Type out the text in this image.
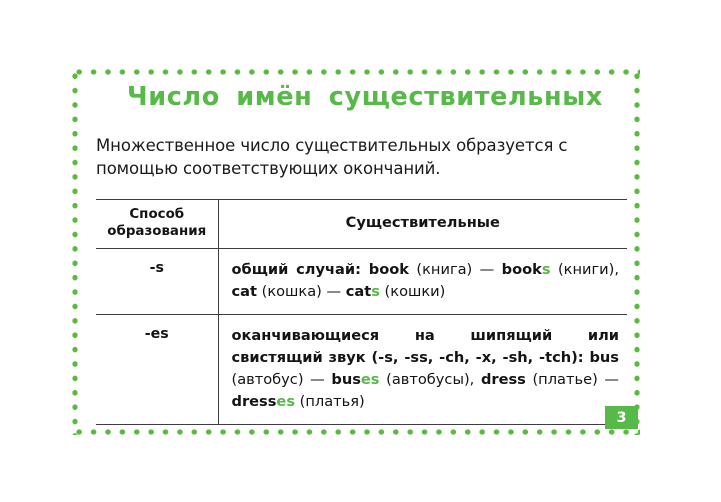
Число имён существительных

Множественное число существительных образуется с помощью соответствующих окончаний.

Способ
образования	Существительные
-s	общий случай: book (книга) — books (книги), cat (кошка) — cats (кошки)
-es	оканчивающиеся на шипящий или свистящий звук (-s, -ss, -ch, -x, -sh, -tch): bus (автобус) — buses (автобусы), dress (платье) — dresses (платья)
3
